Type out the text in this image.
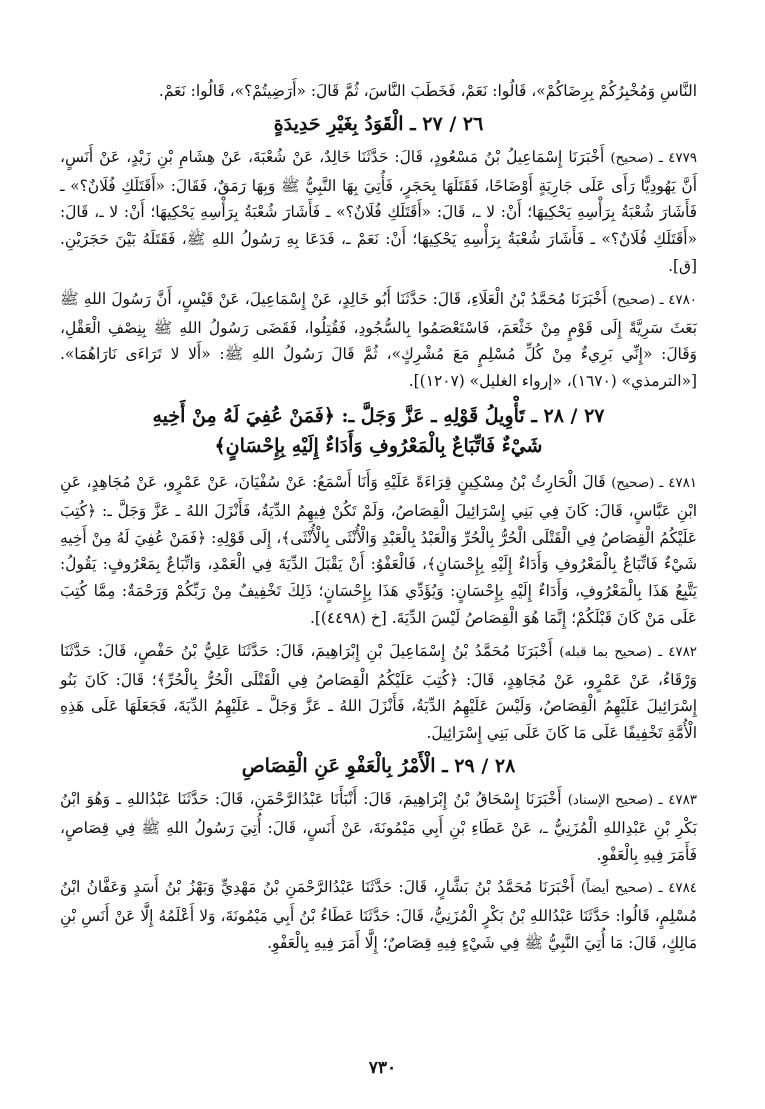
النَّاسِ وَمُخْبِرُكُمْ بِرِضَاكُمْ»، قَالُوا: نَعَمْ، فَخَطَبَ النَّاسَ، ثُمَّ قَالَ: «أَرَضِيتُمْ؟»، قَالُوا: نَعَمْ.

٢٦ / ٢٧ ـ الْقَوَدُ بِغَيْرِ حَدِيدَةٍ

٤٧٧٩ ـ (صحيح) أَخْبَرَنَا إِسْمَاعِيلُ بْنُ مَسْعُودٍ، قَالَ: حَدَّثَنَا خَالِدٌ، عَنْ شُعْبَةَ، عَنْ هِشَامِ بْنِ زَيْدٍ، عَنْ أَنَسٍ، أَنَّ يَهُودِيًّا رَأَى عَلَى جَارِيَةٍ أَوْضَاحًا، فَقَتَلَهَا بِحَجَرٍ، فَأُتِيَ بِهَا النَّبِيُّ ﷺ وَبِهَا رَمَقٌ، فَقَالَ: «أَقَتَلَكِ فُلَانٌ؟» ـ فَأَشَارَ شُعْبَةُ بِرَأْسِهِ يَحْكِيهَا؛ أَنْ: لا ـ، قَالَ: «أَقَتَلَكِ فُلَانٌ؟» ـ فَأَشَارَ شُعْبَةُ بِرَأْسِهِ يَحْكِيهَا؛ أَنْ: لا ـ، قَالَ: «أَقَتَلَكِ فُلَانٌ؟» ـ فَأَشَارَ شُعْبَةُ بِرَأْسِهِ يَحْكِيهَا؛ أَنْ: نَعَمْ ـ، فَدَعَا بِهِ رَسُولُ اللهِ ﷺ، فَقَتَلَهُ بَيْنَ حَجَرَيْنِ. [ق].

٤٧٨٠ ـ (صحيح) أَخْبَرَنَا مُحَمَّدُ بْنُ الْعَلَاءِ، قَالَ: حَدَّثَنَا أَبُو خَالِدٍ، عَنْ إِسْمَاعِيلَ، عَنْ قَيْسٍ، أَنَّ رَسُولَ اللهِ ﷺ بَعَثَ سَرِيَّةً إِلَى قَوْمٍ مِنْ خَثْعَمَ، فَاسْتَعْصَمُوا بِالسُّجُودِ، فَقُتِلُوا، فَقَضَى رَسُولُ اللهِ ﷺ بِنِصْفِ الْعَقْلِ، وَقَالَ: «إِنِّي بَرِيءٌ مِنْ كُلِّ مُسْلِمٍ مَعَ مُشْرِكٍ»، ثُمَّ قَالَ رَسُولُ اللهِ ﷺ: «أَلا لا تَرَاءَى نَارَاهُمَا». [«الترمذي» (١٦٧٠)، «إرواء الغليل» (١٢٠٧)].

٢٧ / ٢٨ ـ تَأْوِيلُ قَوْلِهِ ـ عَزَّ وَجَلَّ ـ: ﴿فَمَنْ عُفِيَ لَهُ مِنْ أَخِيهِ
شَيْءٌ فَاتِّبَاعٌ بِالْمَعْرُوفِ وَأَدَاءٌ إِلَيْهِ بِإِحْسَانٍ﴾

٤٧٨١ ـ (صحيح) قَالَ الْحَارِثُ بْنُ مِسْكِينٍ قِرَاءَةً عَلَيْهِ وَأَنَا أَسْمَعُ: عَنْ سُفْيَانَ، عَنْ عَمْرٍو، عَنْ مُجَاهِدٍ، عَنِ ابْنِ عَبَّاسٍ، قَالَ: كَانَ فِي بَنِي إِسْرَائِيلَ الْقِصَاصُ، وَلَمْ تَكُنْ فِيهِمُ الدِّيَةُ، فَأَنْزَلَ اللهُ ـ عَزَّ وَجَلَّ ـ: ﴿كُتِبَ عَلَيْكُمُ الْقِصَاصُ فِي الْقَتْلَى الْحُرُّ بِالْحُرِّ وَالْعَبْدُ بِالْعَبْدِ وَالْأُنْثَى بِالْأُنْثَى﴾، إِلَى قَوْلِهِ: ﴿فَمَنْ عُفِيَ لَهُ مِنْ أَخِيهِ شَيْءٌ فَاتِّبَاعٌ بِالْمَعْرُوفِ وَأَدَاءٌ إِلَيْهِ بِإِحْسَانٍ﴾، فَالْعَفْوُ: أَنْ يَقْبَلَ الدِّيَةَ فِي الْعَمْدِ، وَاتِّبَاعٌ بِمَعْرُوفٍ: يَقُولُ: يَتَّبِعُ هَذَا بِالْمَعْرُوفِ، وَأَدَاءٌ إِلَيْهِ بِإِحْسَانٍ: وَيُؤَدِّي هَذَا بِإِحْسَانٍ؛ ذَلِكَ تَخْفِيفٌ مِنْ رَبِّكُمْ وَرَحْمَةٌ: مِمَّا كُتِبَ عَلَى مَنْ كَانَ قَبْلَكُمْ؛ إِنَّمَا هُوَ الْقِصَاصُ لَيْسَ الدِّيَةَ. [خ (٤٤٩٨)].

٤٧٨٢ ـ (صحيح بما قبله) أَخْبَرَنَا مُحَمَّدُ بْنُ إِسْمَاعِيلَ بْنِ إِبْرَاهِيمَ، قَالَ: حَدَّثَنَا عَلِيُّ بْنُ حَفْصٍ، قَالَ: حَدَّثَنَا وَرْقَاءُ، عَنْ عَمْرٍو، عَنْ مُجَاهِدٍ، قَالَ: ﴿كُتِبَ عَلَيْكُمُ الْقِصَاصُ فِي الْقَتْلَى الْحُرُّ بِالْحُرِّ﴾؛ قَالَ: كَانَ بَنُو إِسْرَائِيلَ عَلَيْهِمُ الْقِصَاصُ، وَلَيْسَ عَلَيْهِمُ الدِّيَةُ، فَأَنْزَلَ اللهُ ـ عَزَّ وَجَلَّ ـ عَلَيْهِمُ الدِّيَةَ، فَجَعَلَهَا عَلَى هَذِهِ الْأُمَّةِ تَخْفِيفًا عَلَى مَا كَانَ عَلَى بَنِي إِسْرَائِيلَ.

٢٨ / ٢٩ ـ الْأَمْرُ بِالْعَفْوِ عَنِ الْقِصَاصِ

٤٧٨٣ ـ (صحيح الإسناد) أَخْبَرَنَا إِسْحَاقُ بْنُ إِبْرَاهِيمَ، قَالَ: أَنْبَأَنَا عَبْدُالرَّحْمَنِ، قَالَ: حَدَّثَنَا عَبْدُاللهِ ـ وَهُوَ ابْنُ بَكْرِ بْنِ عَبْدِاللهِ الْمُزَنِيُّ ـ، عَنْ عَطَاءِ بْنِ أَبِي مَيْمُونَةَ، عَنْ أَنَسٍ، قَالَ: أُتِيَ رَسُولُ اللهِ ﷺ فِي قِصَاصٍ، فَأَمَرَ فِيهِ بِالْعَفْوِ.

٤٧٨٤ ـ (صحيح أيضاً) أَخْبَرَنَا مُحَمَّدُ بْنُ بَشَّارٍ، قَالَ: حَدَّثَنَا عَبْدُالرَّحْمَنِ بْنُ مَهْدِيٍّ وَبَهْزُ بْنُ أَسَدٍ وَعَفَّانُ ابْنُ مُسْلِمٍ، قَالُوا: حَدَّثَنَا عَبْدُاللهِ بْنُ بَكْرٍ الْمُزَنِيُّ، قَالَ: حَدَّثَنَا عَطَاءُ بْنُ أَبِي مَيْمُونَةَ، وَلا أَعْلَمُهُ إِلَّا عَنْ أَنَسِ بْنِ مَالِكٍ، قَالَ: مَا أُتِيَ النَّبِيُّ ﷺ فِي شَيْءٍ فِيهِ قِصَاصٌ؛ إِلَّا أَمَرَ فِيهِ بِالْعَفْوِ.

٧٣٠
